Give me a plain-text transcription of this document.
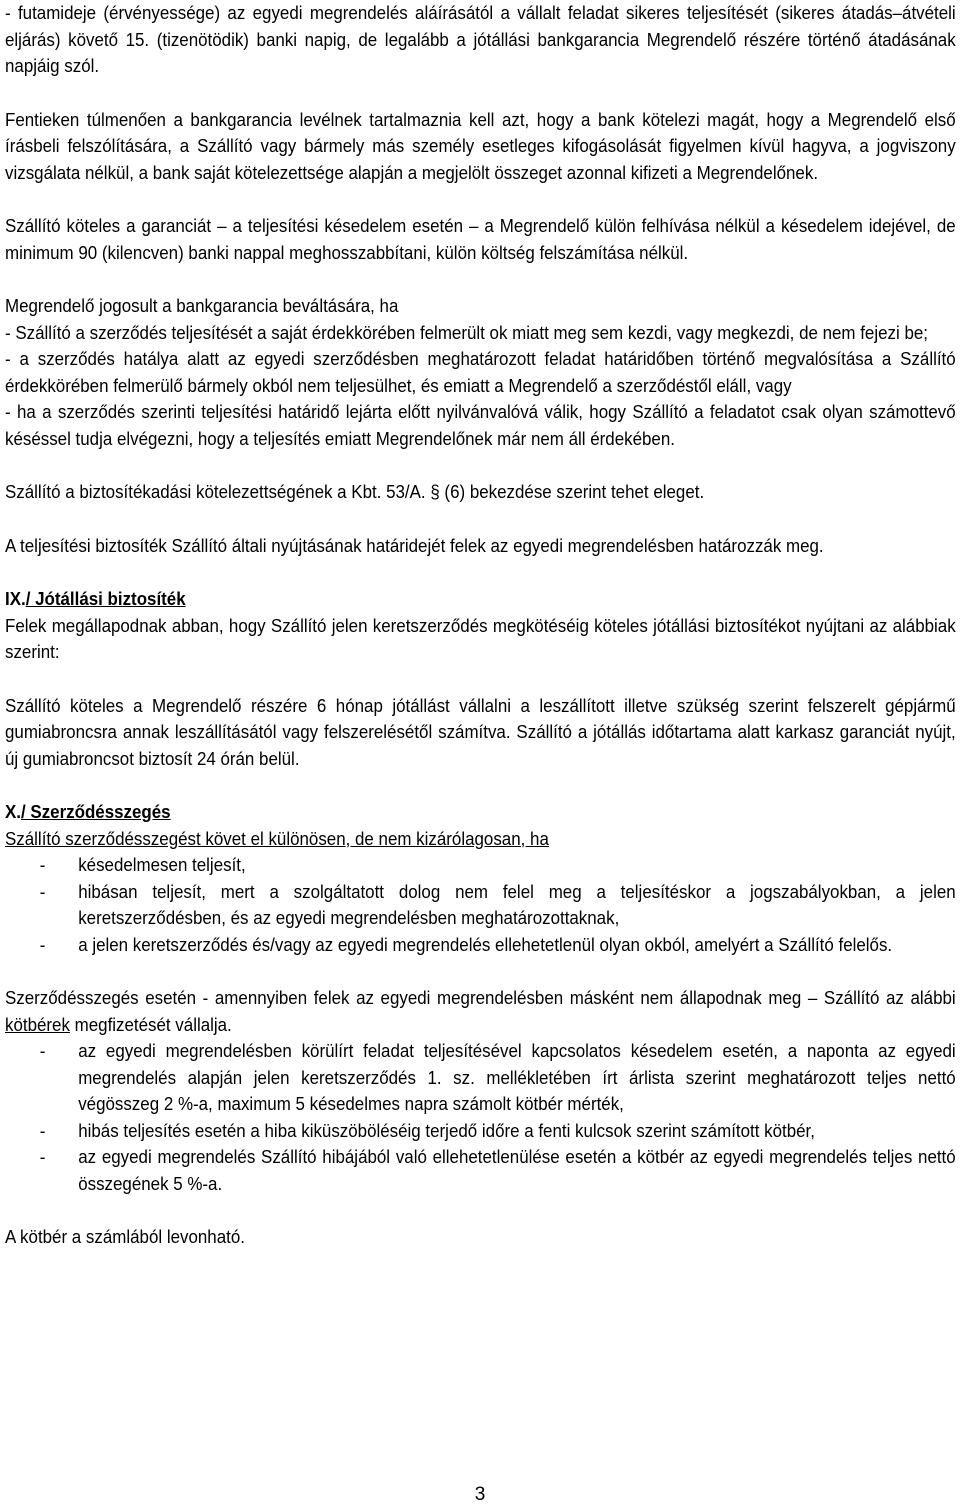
- futamideje (érvényessége) az egyedi megrendelés aláírásától a vállalt feladat sikeres teljesítését (sikeres átadás–átvételi eljárás) követő 15. (tizenötödik) banki napig, de legalább a jótállási bankgarancia Megrendelő részére történő átadásának napjáig szól.

Fentieken túlmenően a bankgarancia levélnek tartalmaznia kell azt, hogy a bank kötelezi magát, hogy a Megrendelő első írásbeli felszólítására, a Szállító vagy bármely más személy esetleges kifogásolását figyelmen kívül hagyva, a jogviszony vizsgálata nélkül, a bank saját kötelezettsége alapján a megjelölt összeget azonnal kifizeti a Megrendelőnek.

Szállító köteles a garanciát – a teljesítési késedelem esetén – a Megrendelő külön felhívása nélkül a késedelem idejével, de minimum 90 (kilencven) banki nappal meghosszabbítani, külön költség felszámítása nélkül.

Megrendelő jogosult a bankgarancia beváltására, ha

- Szállító a szerződés teljesítését a saját érdekkörében felmerült ok miatt meg sem kezdi, vagy megkezdi, de nem fejezi be;

- a szerződés hatálya alatt az egyedi szerződésben meghatározott feladat határidőben történő megvalósítása a Szállító érdekkörében felmerülő bármely okból nem teljesülhet, és emiatt a Megrendelő a szerződéstől eláll, vagy

- ha a szerződés szerinti teljesítési határidő lejárta előtt nyilvánvalóvá válik, hogy Szállító a feladatot csak olyan számottevő késéssel tudja elvégezni, hogy a teljesítés emiatt Megrendelőnek már nem áll érdekében.

Szállító a biztosítékadási kötelezettségének a Kbt. 53/A. § (6) bekezdése szerint tehet eleget.

A teljesítési biztosíték Szállító általi nyújtásának határidejét felek az egyedi megrendelésben határozzák meg.

IX./ Jótállási biztosíték

Felek megállapodnak abban, hogy Szállító jelen keretszerződés megkötéséig köteles jótállási biztosítékot nyújtani az alábbiak szerint:

Szállító köteles a Megrendelő részére 6 hónap jótállást vállalni a leszállított illetve szükség szerint felszerelt gépjármű gumiabroncsra annak leszállításától vagy felszerelésétől számítva. Szállító a jótállás időtartama alatt karkasz garanciát nyújt, új gumiabroncsot biztosít 24 órán belül.

X./ Szerződésszegés

Szállító szerződésszegést követ el különösen, de nem kizárólagosan, ha

- késedelmesen teljesít,
- hibásan teljesít, mert a szolgáltatott dolog nem felel meg a teljesítéskor a jogszabályokban, a jelen keretszerződésben, és az egyedi megrendelésben meghatározottaknak,
- a jelen keretszerződés és/vagy az egyedi megrendelés ellehetetlenül olyan okból, amelyért a Szállító felelős.

Szerződésszegés esetén - amennyiben felek az egyedi megrendelésben másként nem állapodnak meg – Szállító az alábbi kötbérek megfizetését vállalja.

- az egyedi megrendelésben körülírt feladat teljesítésével kapcsolatos késedelem esetén, a naponta az egyedi megrendelés alapján jelen keretszerződés 1. sz. mellékletében írt árlista szerint meghatározott teljes nettó végösszeg 2 %-a, maximum 5 késedelmes napra számolt kötbér mérték,
- hibás teljesítés esetén a hiba kiküszöböléséig terjedő időre a fenti kulcsok szerint számított kötbér,
- az egyedi megrendelés Szállító hibájából való ellehetetlenülése esetén a kötbér az egyedi megrendelés teljes nettó összegének 5 %-a.

A kötbér a számlából levonható.

3
